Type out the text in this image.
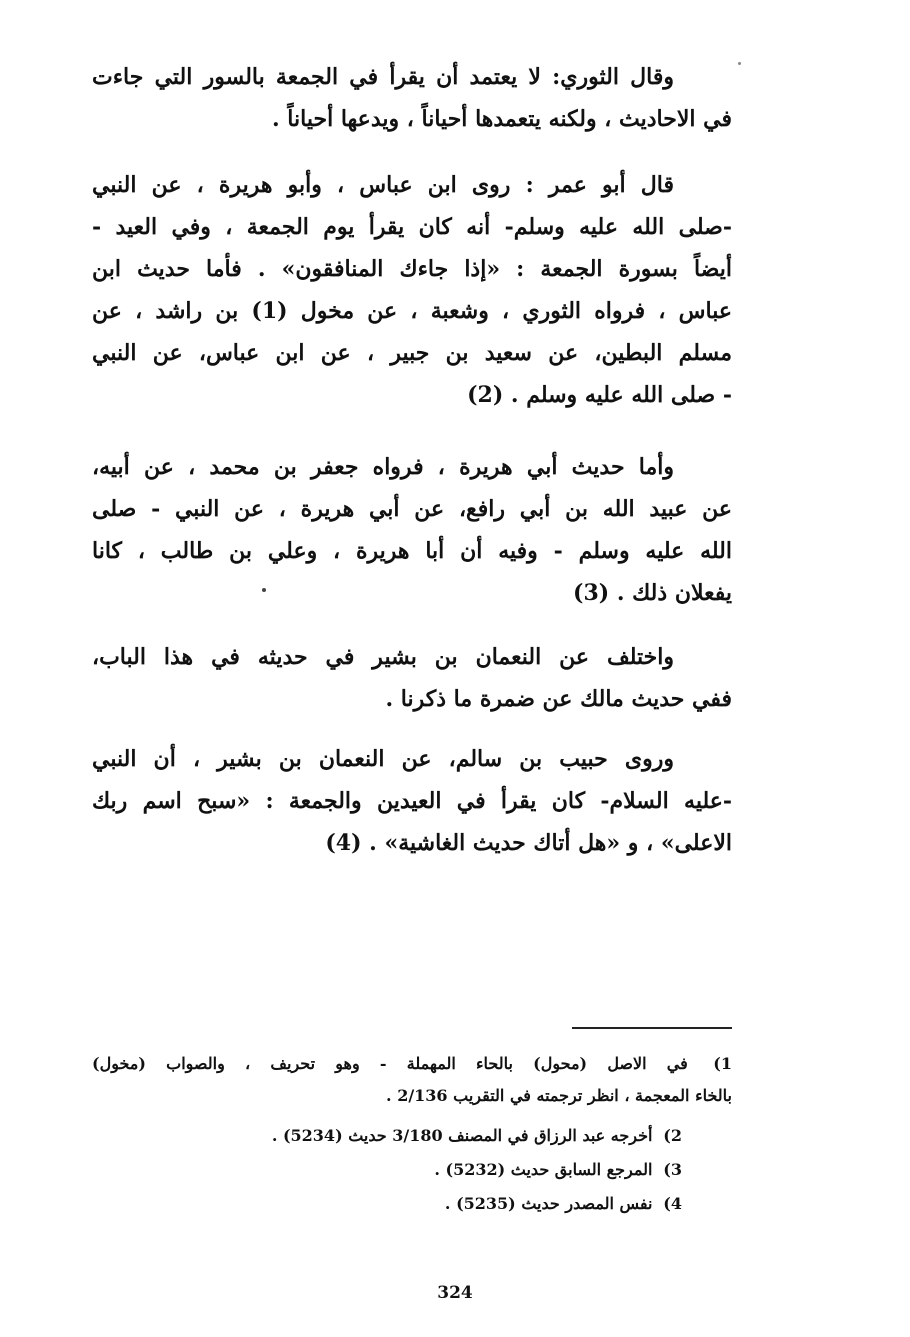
وقال الثوري: لا يعتمد أن يقرأ في الجمعة بالسور التي جاءت
في الاحاديث ، ولكنه يتعمدها أحياناً ، ويدعها أحياناً .
قال أبو عمر : روى ابن عباس ، وأبو هريرة ، عن النبي
-صلى الله عليه وسلم- أنه كان يقرأ يوم الجمعة ، وفي العيد -
أيضاً بسورة الجمعة : «إذا جاءك المنافقون» . فأما حديث ابن
عباس ، فرواه الثوري ، وشعبة ، عن مخول (1) بن راشد ، عن
مسلم البطين، عن سعيد بن جبير ، عن ابن عباس، عن النبي
- صلى الله عليه وسلم . (2)
وأما حديث أبي هريرة ، فرواه جعفر بن محمد ، عن أبيه،
عن عبيد الله بن أبي رافع، عن أبي هريرة ، عن النبي - صلى
الله عليه وسلم - وفيه أن أبا هريرة ، وعلي بن طالب ، كانا
يفعلان ذلك . (3)
واختلف عن النعمان بن بشير في حديثه في هذا الباب،
ففي حديث مالك عن ضمرة ما ذكرنا .
وروى حبيب بن سالم، عن النعمان بن بشير ، أن النبي
-عليه السلام- كان يقرأ في العيدين والجمعة : «سبح اسم ربك
الاعلى» ، و «هل أتاك حديث الغاشية» . (4)
1) في الاصل (محول) بالحاء المهملة - وهو تحريف ، والصواب (مخول)
بالخاء المعجمة ، انظر ترجمته في التقريب 2/136 .
2) أخرجه عبد الرزاق في المصنف 3/180 حديث (5234) .
3) المرجع السابق حديث (5232) .
4) نفس المصدر حديث (5235) .
324
